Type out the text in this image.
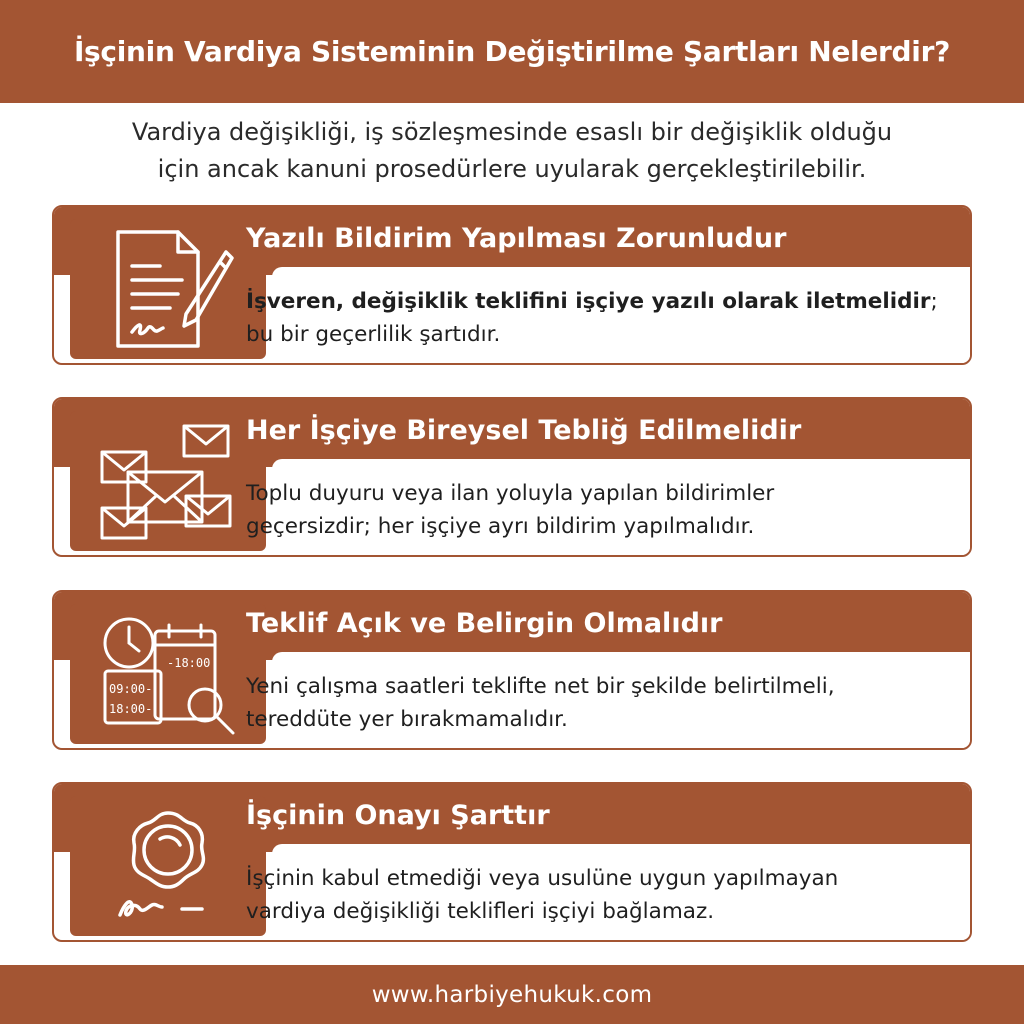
İşçinin Vardiya Sisteminin Değiştirilme Şartları Nelerdir?
Vardiya değişikliği, iş sözleşmesinde esaslı bir değişiklik olduğu
için ancak kanuni prosedürlere uyularak gerçekleştirilebilir.
Yazılı Bildirim Yapılması Zorunludur
İşveren, değişiklik teklifini işçiye yazılı olarak iletmelidir; bu bir geçerlilik şartıdır.
Her İşçiye Bireysel Tebliğ Edilmelidir
Toplu duyuru veya ilan yoluyla yapılan bildirimler
geçersizdir; her işçiye ayrı bildirim yapılmalıdır.
-18:00
09:00-
18:00-
Teklif Açık ve Belirgin Olmalıdır
Yeni çalışma saatleri teklifte net bir şekilde belirtilmeli,
tereddüte yer bırakmamalıdır.
İşçinin Onayı Şarttır
İşçinin kabul etmediği veya usulüne uygun yapılmayan
vardiya değişikliği teklifleri işçiyi bağlamaz.
www.harbiyehukuk.com
